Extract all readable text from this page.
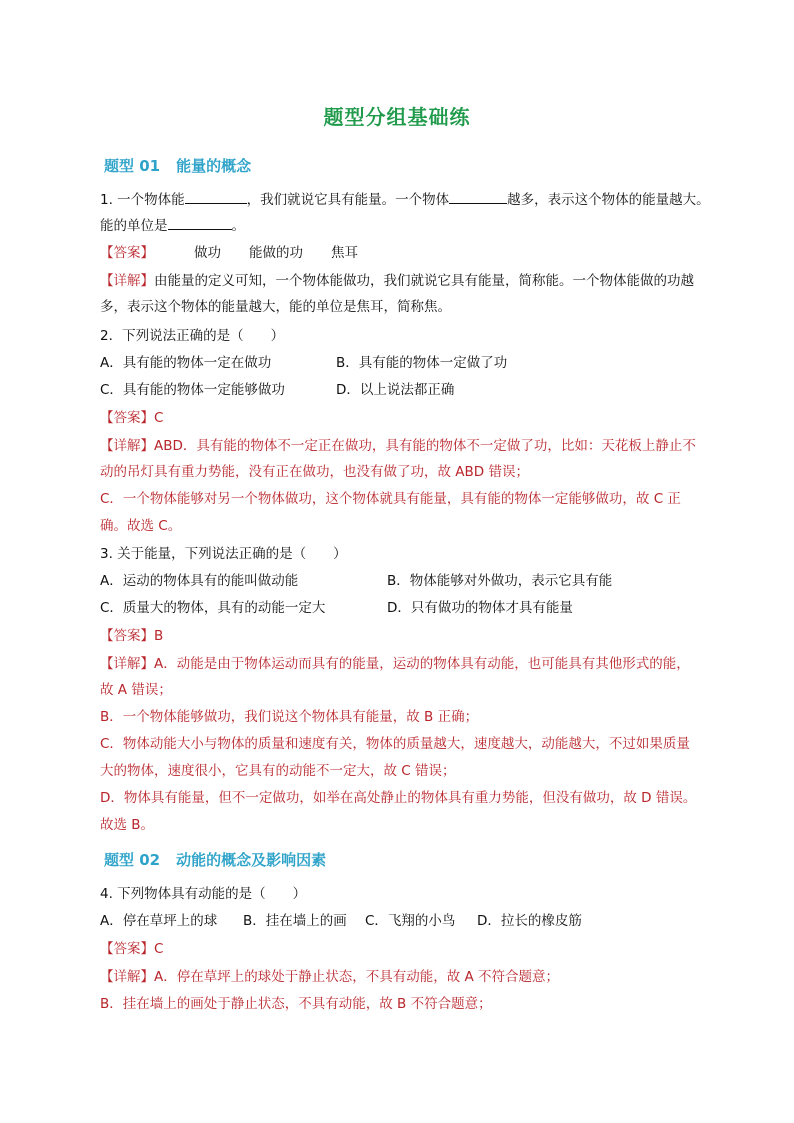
题型分组基础练
题型 01 能量的概念
1. 一个物体能	，我们就说它具有能量。一个物体	越多，表示这个物体的能量越大。
能的单位是	。
【答案】	做功 能做的功 焦耳
【详解】由能量的定义可知，一个物体能做功，我们就说它具有能量，简称能。一个物体能做的功越
多，表示这个物体的能量越大，能的单位是焦耳，简称焦。
2．下列说法正确的是（　　）
A．具有能的物体一定在做功	B．具有能的物体一定做了功
C．具有能的物体一定能够做功	D．以上说法都正确
【答案】C
【详解】ABD．具有能的物体不一定正在做功，具有能的物体不一定做了功，比如：天花板上静止不
动的吊灯具有重力势能，没有正在做功，也没有做了功，故 ABD 错误；
C．一个物体能够对另一个物体做功，这个物体就具有能量，具有能的物体一定能够做功，故 C 正
确。故选 C。
3. 关于能量，下列说法正确的是（　　）
A．运动的物体具有的能叫做动能	B．物体能够对外做功，表示它具有能
C．质量大的物体，具有的动能一定大	D．只有做功的物体才具有能量
【答案】B
【详解】A．动能是由于物体运动而具有的能量，运动的物体具有动能，也可能具有其他形式的能，
故 A 错误；
B．一个物体能够做功，我们说这个物体具有能量，故 B 正确；
C．物体动能大小与物体的质量和速度有关，物体的质量越大，速度越大，动能越大，不过如果质量
大的物体，速度很小，它具有的动能不一定大，故 C 错误；
D．物体具有能量，但不一定做功，如举在高处静止的物体具有重力势能，但没有做功，故 D 错误。
故选 B。
题型 02 动能的概念及影响因素
4. 下列物体具有动能的是（　　）
A．停在草坪上的球 B．挂在墙上的画 C．飞翔的小鸟 D．拉长的橡皮筋
【答案】C
【详解】A．停在草坪上的球处于静止状态，不具有动能，故 A 不符合题意；
B．挂在墙上的画处于静止状态，不具有动能，故 B 不符合题意；
